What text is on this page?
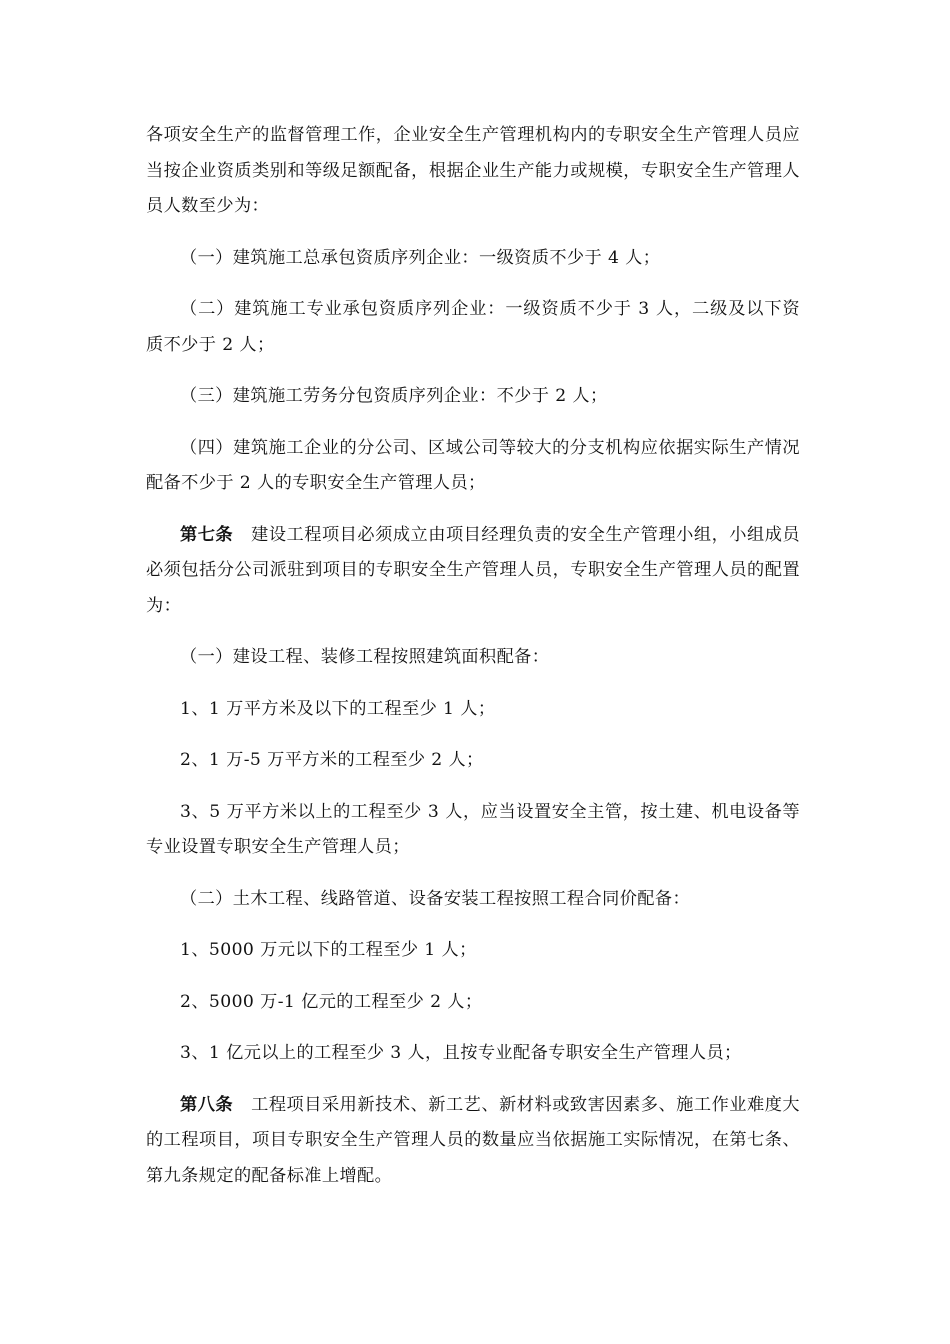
各项安全生产的监督管理工作，企业安全生产管理机构内的专职安全生产管理人员应当按企业资质类别和等级足额配备，根据企业生产能力或规模，专职安全生产管理人员人数至少为：

（一）建筑施工总承包资质序列企业：一级资质不少于 4 人；

（二）建筑施工专业承包资质序列企业：一级资质不少于 3 人，二级及以下资质不少于 2 人；

（三）建筑施工劳务分包资质序列企业：不少于 2 人；

（四）建筑施工企业的分公司、区域公司等较大的分支机构应依据实际生产情况配备不少于 2 人的专职安全生产管理人员；

第七条 建设工程项目必须成立由项目经理负责的安全生产管理小组，小组成员必须包括分公司派驻到项目的专职安全生产管理人员，专职安全生产管理人员的配置为：

（一）建设工程、装修工程按照建筑面积配备：

1、1 万平方米及以下的工程至少 1 人；

2、1 万-5 万平方米的工程至少 2 人；

3、5 万平方米以上的工程至少 3 人，应当设置安全主管，按土建、机电设备等专业设置专职安全生产管理人员；

（二）土木工程、线路管道、设备安装工程按照工程合同价配备：

1、5000 万元以下的工程至少 1 人；

2、5000 万-1 亿元的工程至少 2 人；

3、1 亿元以上的工程至少 3 人，且按专业配备专职安全生产管理人员；

第八条 工程项目采用新技术、新工艺、新材料或致害因素多、施工作业难度大的工程项目，项目专职安全生产管理人员的数量应当依据施工实际情况，在第七条、第九条规定的配备标准上增配。
